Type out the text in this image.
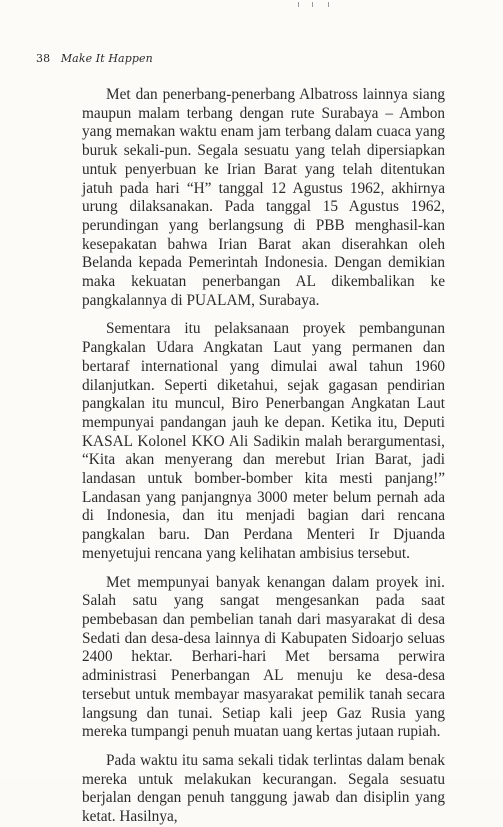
38 Make It Happen

Met dan penerbang-penerbang Albatross lainnya siang maupun malam terbang dengan rute Surabaya – Ambon yang memakan waktu enam jam terbang dalam cuaca yang buruk sekali-pun. Segala sesuatu yang telah dipersiapkan untuk penyerbuan ke Irian Barat yang telah ditentukan jatuh pada hari “H” tanggal 12 Agustus 1962, akhirnya urung dilaksanakan. Pada tanggal 15 Agustus 1962, perundingan yang berlangsung di PBB menghasil-kan kesepakatan bahwa Irian Barat akan diserahkan oleh Belanda kepada Pemerintah Indonesia. Dengan demikian maka kekuatan penerbangan AL dikembalikan ke pangkalannya di PUALAM, Surabaya.

Sementara itu pelaksanaan proyek pembangunan Pangkalan Udara Angkatan Laut yang permanen dan bertaraf international yang dimulai awal tahun 1960 dilanjutkan. Seperti diketahui, sejak gagasan pendirian pangkalan itu muncul, Biro Penerbangan Angkatan Laut mempunyai pandangan jauh ke depan. Ketika itu, Deputi KASAL Kolonel KKO Ali Sadikin malah berargumentasi, “Kita akan menyerang dan merebut Irian Barat, jadi landasan untuk bomber-bomber kita mesti panjang!” Landasan yang panjangnya 3000 meter belum pernah ada di Indonesia, dan itu menjadi bagian dari rencana pangkalan baru. Dan Perdana Menteri Ir Djuanda menyetujui rencana yang kelihatan ambisius tersebut.

Met mempunyai banyak kenangan dalam proyek ini. Salah satu yang sangat mengesankan pada saat pembebasan dan pembelian tanah dari masyarakat di desa Sedati dan desa-desa lainnya di Kabupaten Sidoarjo seluas 2400 hektar. Berhari-hari Met bersama perwira administrasi Penerbangan AL menuju ke desa-desa tersebut untuk membayar masyarakat pemilik tanah secara langsung dan tunai. Setiap kali jeep Gaz Rusia yang mereka tumpangi penuh muatan uang kertas jutaan rupiah.

Pada waktu itu sama sekali tidak terlintas dalam benak mereka untuk melakukan kecurangan. Segala sesuatu berjalan dengan penuh tanggung jawab dan disiplin yang ketat. Hasilnya,
